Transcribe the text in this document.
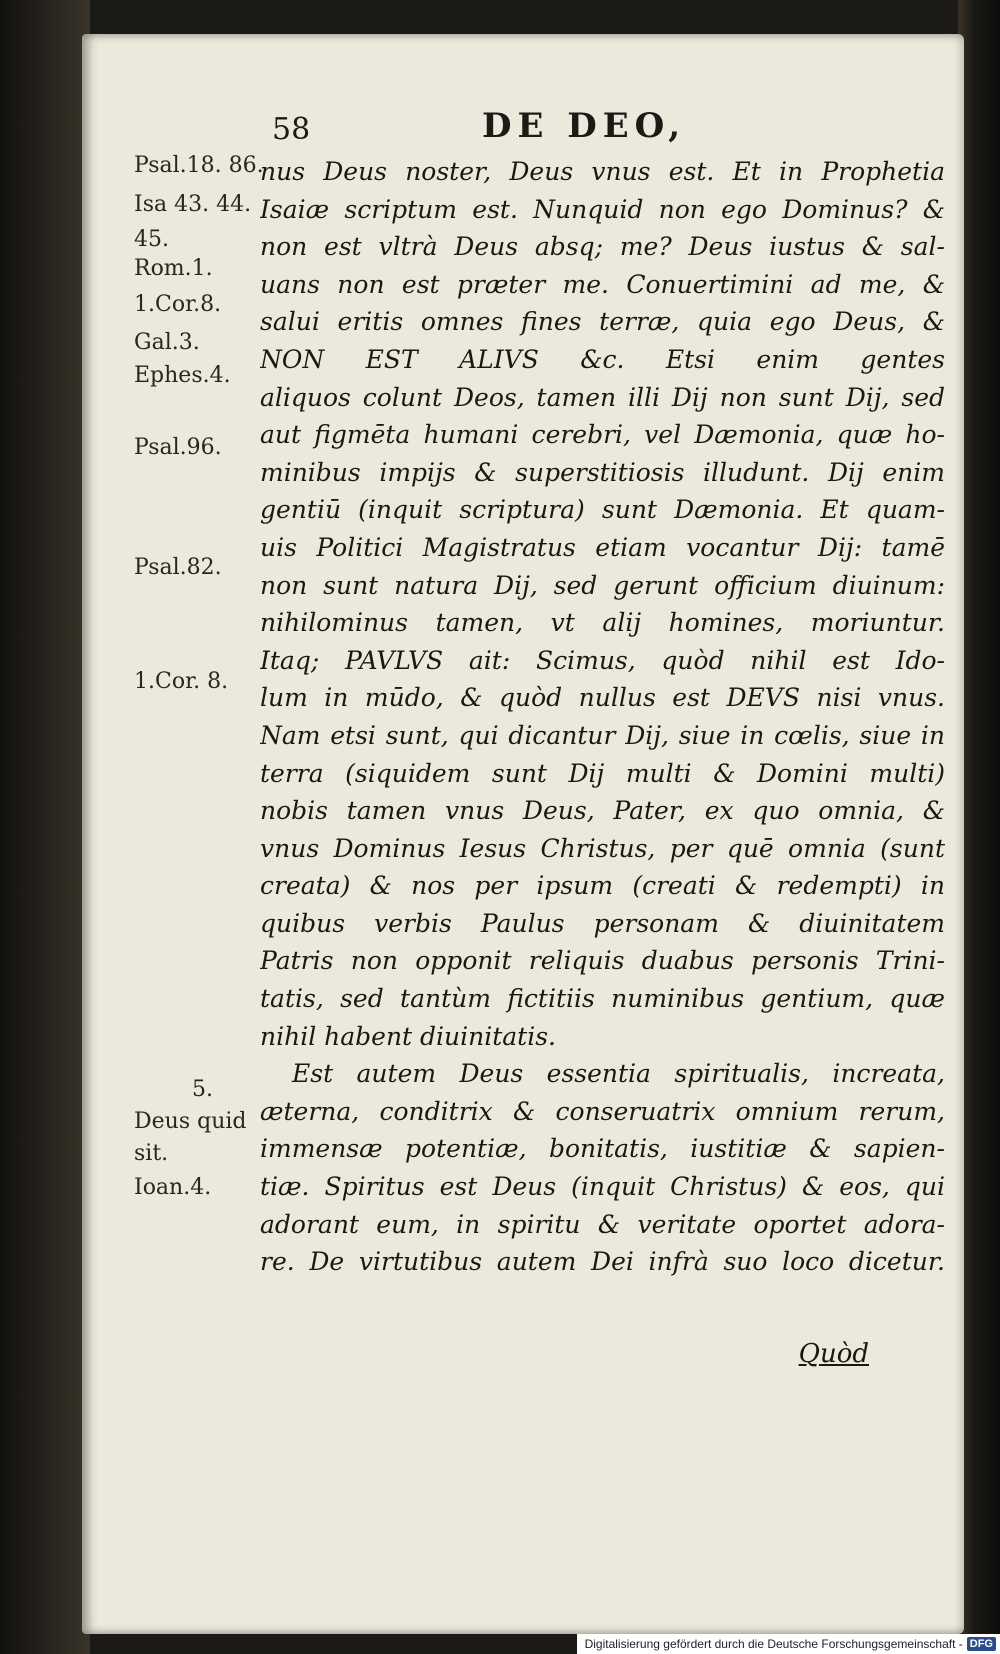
58	DE DEO,
Psal.18. 86.
Isa 43. 44.
45.
Rom.1.
1.Cor.8.
Gal.3.
Ephes.4.
Psal.96.
Psal.82.
1.Cor. 8.
5.
Deus quid
sit.
Ioan.4.
nus Deus noster, Deus vnus est. Et in Prophetia
Isaiæ scriptum est. Nunquid non ego Dominus? &
non est vltrà Deus absq; me? Deus iustus & sal-
uans non est præter me. Conuertimini ad me, &
salui eritis omnes fines terræ, quia ego Deus, &
NON EST ALIVS &c. Etsi enim gentes
aliquos colunt Deos, tamen illi Dij non sunt Dij, sed
aut figmēta humani cerebri, vel Dæmonia, quæ ho-
minibus impijs & superstitiosis illudunt. Dij enim
gentiū (inquit scriptura) sunt Dæmonia. Et quam-
uis Politici Magistratus etiam vocantur Dij: tamē
non sunt natura Dij, sed gerunt officium diuinum:
nihilominus tamen, vt alij homines, moriuntur.
Itaq; PAVLVS ait: Scimus, quòd nihil est Ido-
lum in mūdo, & quòd nullus est DEVS nisi vnus.
Nam etsi sunt, qui dicantur Dij, siue in cœlis, siue in
terra (siquidem sunt Dij multi & Domini multi)
nobis tamen vnus Deus, Pater, ex quo omnia, &
vnus Dominus Iesus Christus, per quē omnia (sunt
creata) & nos per ipsum (creati & redempti) in
quibus verbis Paulus personam & diuinitatem
Patris non opponit reliquis duabus personis Trini-
tatis, sed tantùm fictitiis numinibus gentium, quæ
nihil habent diuinitatis.
Est autem Deus essentia spiritualis, increata,
æterna, conditrix & conseruatrix omnium rerum,
immensæ potentiæ, bonitatis, iustitiæ & sapien-
tiæ. Spiritus est Deus (inquit Christus) & eos, qui
adorant eum, in spiritu & veritate oportet adora-
re. De virtutibus autem Dei infrà suo loco dicetur.
Quòd
Digitalisierung gefördert durch die Deutsche Forschungsgemeinschaft - DFG
